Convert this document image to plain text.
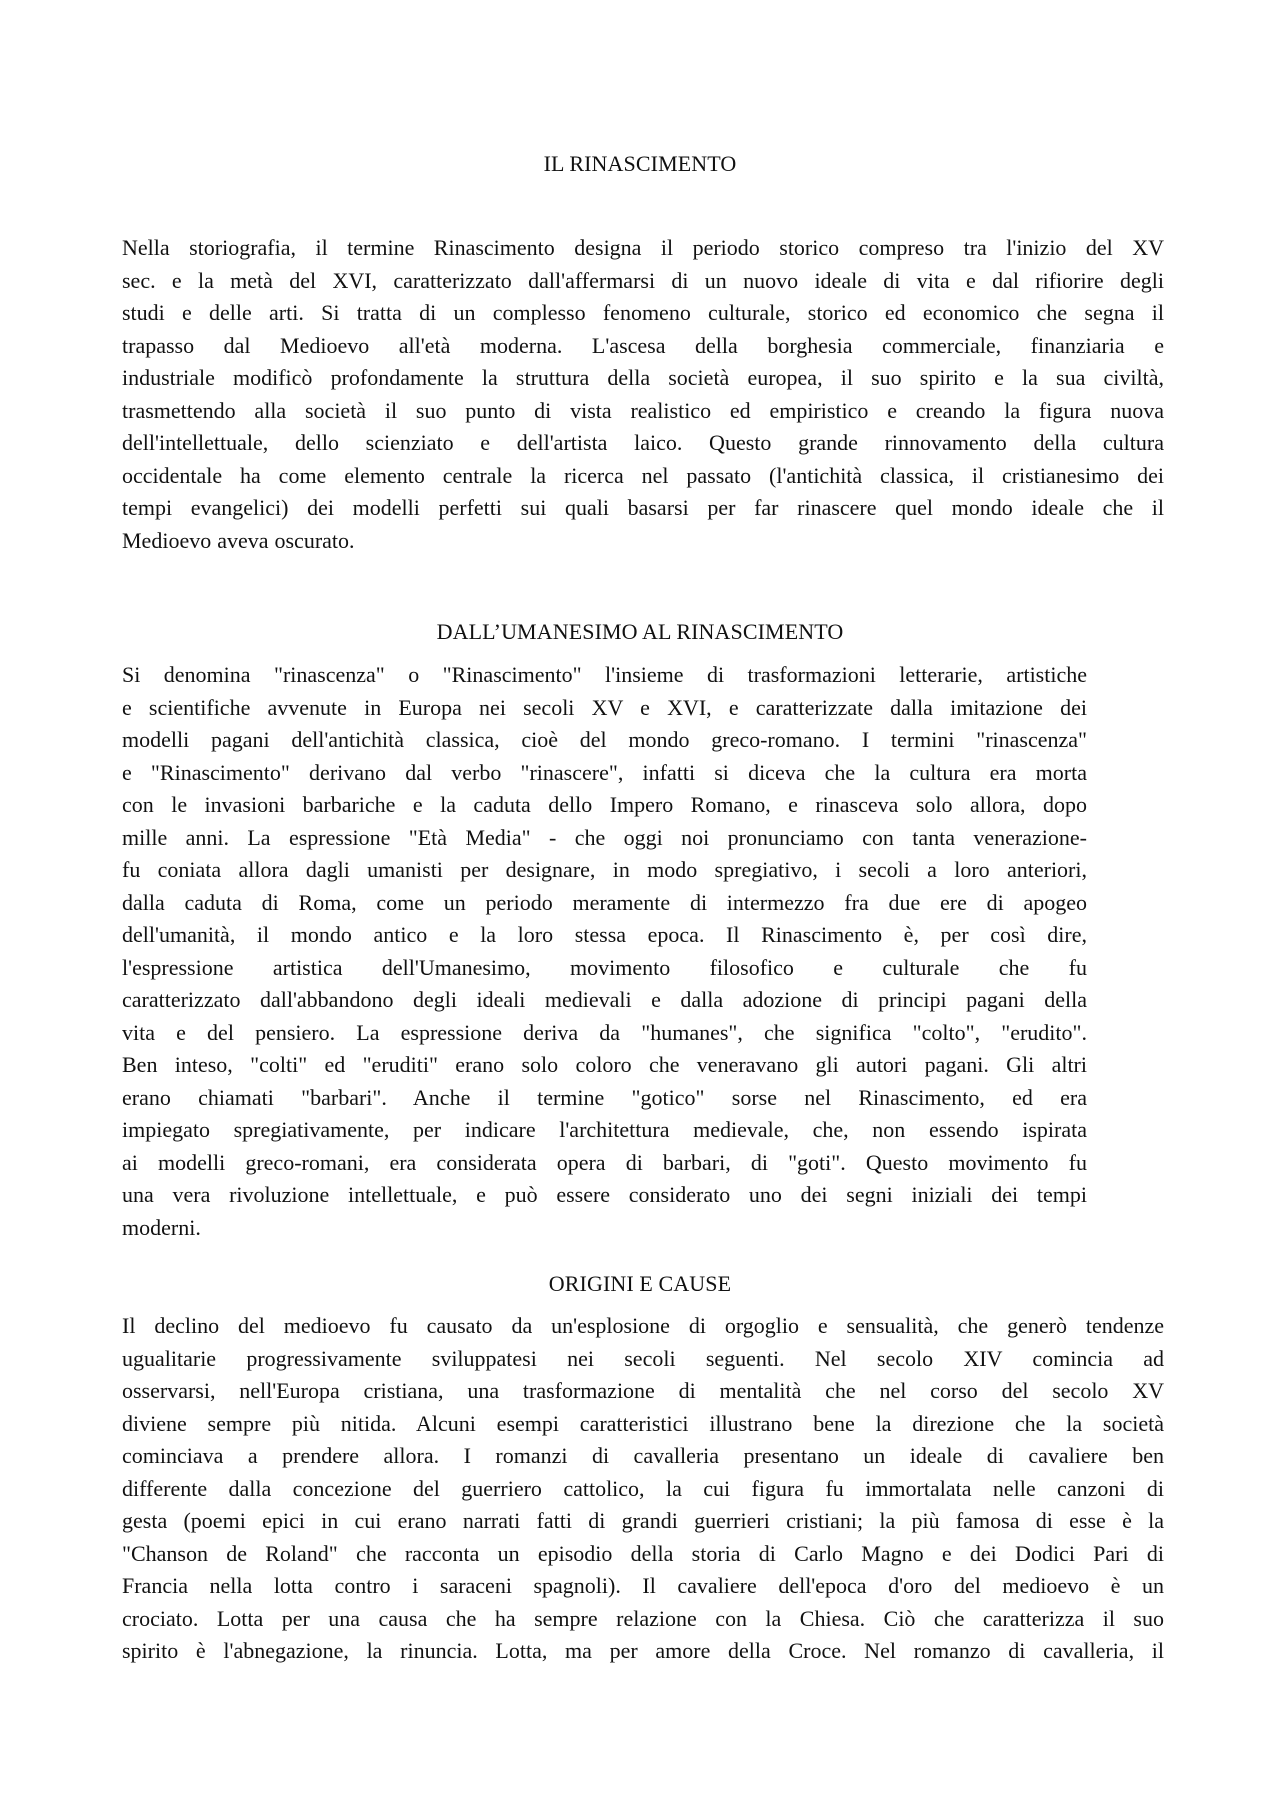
IL RINASCIMENTO
Nella storiografia, il termine Rinascimento designa il periodo storico compreso tra l'inizio del XV
sec. e la metà del XVI, caratterizzato dall'affermarsi di un nuovo ideale di vita e dal rifiorire degli
studi e delle arti. Si tratta di un complesso fenomeno culturale, storico ed economico che segna il
trapasso dal Medioevo all'età moderna. L'ascesa della borghesia commerciale, finanziaria e
industriale modificò profondamente la struttura della società europea, il suo spirito e la sua civiltà,
trasmettendo alla società il suo punto di vista realistico ed empiristico e creando la figura nuova
dell'intellettuale, dello scienziato e dell'artista laico. Questo grande rinnovamento della cultura
occidentale ha come elemento centrale la ricerca nel passato (l'antichità classica, il cristianesimo dei
tempi evangelici) dei modelli perfetti sui quali basarsi per far rinascere quel mondo ideale che il
Medioevo aveva oscurato.
DALL’UMANESIMO AL RINASCIMENTO
Si denomina "rinascenza" o "Rinascimento" l'insieme di trasformazioni letterarie, artistiche
e scientifiche avvenute in Europa nei secoli XV e XVI, e caratterizzate dalla imitazione dei
modelli pagani dell'antichità classica, cioè del mondo greco-romano. I termini "rinascenza"
e "Rinascimento" derivano dal verbo "rinascere", infatti si diceva che la cultura era morta
con le invasioni barbariche e la caduta dello Impero Romano, e rinasceva solo allora, dopo
mille anni. La espressione "Età Media" - che oggi noi pronunciamo con tanta venerazione-
fu coniata allora dagli umanisti per designare, in modo spregiativo, i secoli a loro anteriori,
dalla caduta di Roma, come un periodo meramente di intermezzo fra due ere di apogeo
dell'umanità, il mondo antico e la loro stessa epoca. Il Rinascimento è, per così dire,
l'espressione artistica dell'Umanesimo, movimento filosofico e culturale che fu
caratterizzato dall'abbandono degli ideali medievali e dalla adozione di principi pagani della
vita e del pensiero. La espressione deriva da "humanes", che significa "colto", "erudito".
Ben inteso, "colti" ed "eruditi" erano solo coloro che veneravano gli autori pagani. Gli altri
erano chiamati "barbari". Anche il termine "gotico" sorse nel Rinascimento, ed era
impiegato spregiativamente, per indicare l'architettura medievale, che, non essendo ispirata
ai modelli greco-romani, era considerata opera di barbari, di "goti". Questo movimento fu
una vera rivoluzione intellettuale, e può essere considerato uno dei segni iniziali dei tempi
moderni.
ORIGINI E CAUSE
Il declino del medioevo fu causato da un'esplosione di orgoglio e sensualità, che generò tendenze
ugualitarie progressivamente sviluppatesi nei secoli seguenti. Nel secolo XIV comincia ad
osservarsi, nell'Europa cristiana, una trasformazione di mentalità che nel corso del secolo XV
diviene sempre più nitida. Alcuni esempi caratteristici illustrano bene la direzione che la società
cominciava a prendere allora. I romanzi di cavalleria presentano un ideale di cavaliere ben
differente dalla concezione del guerriero cattolico, la cui figura fu immortalata nelle canzoni di
gesta (poemi epici in cui erano narrati fatti di grandi guerrieri cristiani; la più famosa di esse è la
"Chanson de Roland" che racconta un episodio della storia di Carlo Magno e dei Dodici Pari di
Francia nella lotta contro i saraceni spagnoli). Il cavaliere dell'epoca d'oro del medioevo è un
crociato. Lotta per una causa che ha sempre relazione con la Chiesa. Ciò che caratterizza il suo
spirito è l'abnegazione, la rinuncia. Lotta, ma per amore della Croce. Nel romanzo di cavalleria, il
